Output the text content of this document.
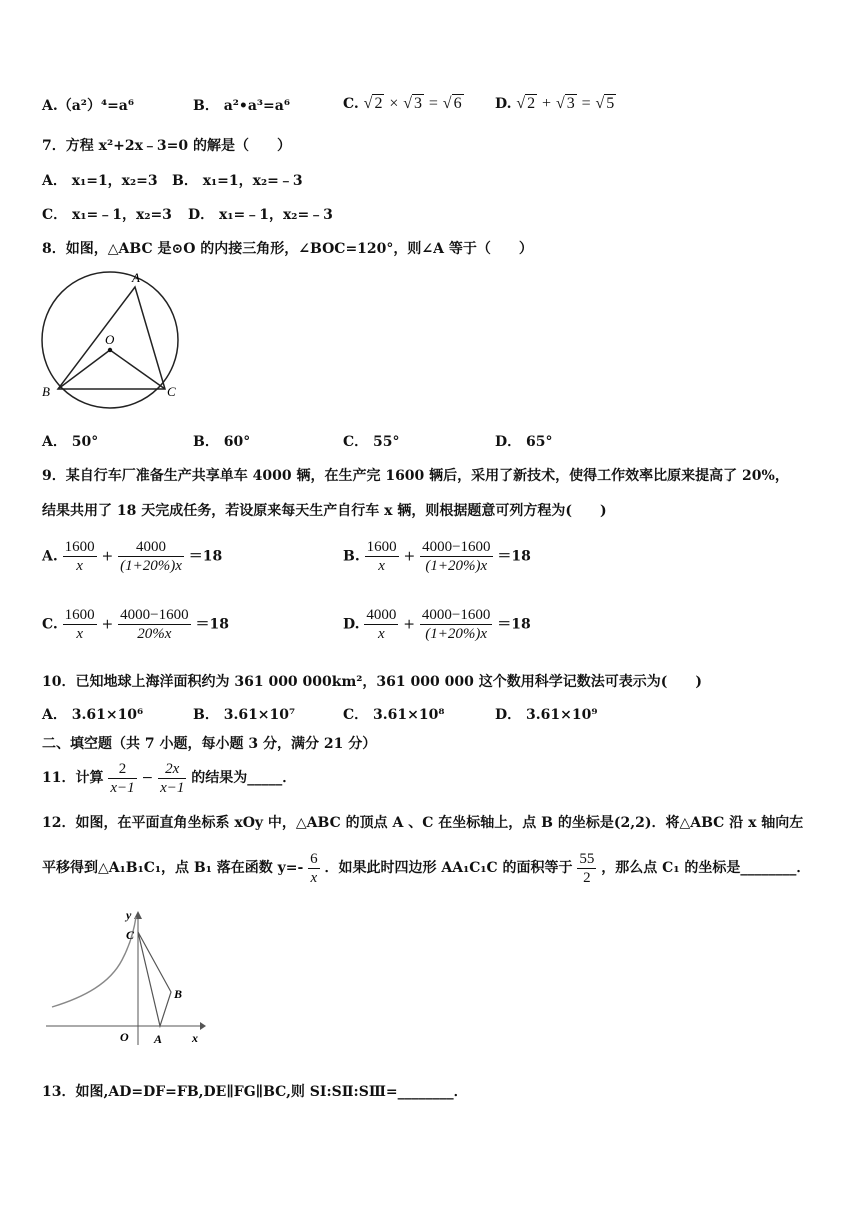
A.（a²）⁴=a⁶	B． a²•a³=a⁶	C. √ 2 × √ 3 = √ 6 D. √ 2 + √ 3 = √ 5
7．方程 x²+2x﹣3=0 的解是（　　）
A． x₁=1，x₂=3 B． x₁=1，x₂=﹣3
C． x₁=﹣1，x₂=3 D． x₁=﹣1，x₂=﹣3
8．如图，△ABC 是⊙O 的内接三角形，∠BOC=120°，则∠A 等于（　　）
A
B	C
O
A． 50°	B． 60°	C． 55°	D． 65°
9．某自行车厂准备生产共享单车 4000 辆，在生产完 1600 辆后，采用了新技术，使得工作效率比原来提高了 20%，
结果共用了 18 天完成任务，若设原来每天生产自行车 x 辆，则根据题意可列方程为(　　)
A. $\frac{1600}{x} + \frac{4000}{(1+20\%)x} =18$	B. $\frac{1600}{x} + \frac{4000-1600}{(1+20\%)x} =18$
C. $\frac{1600}{x} + \frac{4000-1600}{20\%x} =18$	D. $\frac{4000}{x} + \frac{4000-1600}{(1+20\%)x} =18$
10．已知地球上海洋面积约为 361 000 000km²，361 000 000 这个数用科学记数法可表示为(　　)
A． 3.61×10⁶	B． 3.61×10⁷	C． 3.61×10⁸	D． 3.61×10⁹
二、填空题（共 7 小题，每小题 3 分，满分 21 分）
11．计算 $\frac{2}{x-1} - \frac{2x}{x-1}$ 的结果为_____．
12．如图，在平面直角坐标系 xOy 中，△ABC 的顶点 A 、C 在坐标轴上，点 B 的坐标是(2,2)．将△ABC 沿 x 轴向左
平移得到△A₁B₁C₁，点 B₁ 落在函数 $y=- \frac{6}{x}$ ．如果此时四边形 AA₁C₁C 的面积等于 $\frac{55}{2}$ ，那么点 C₁ 的坐标是________．
y
C
B
O A x
13．如图,AD=DF=FB,DE∥FG∥BC,则 SⅠ:SⅡ:SⅢ=________．
